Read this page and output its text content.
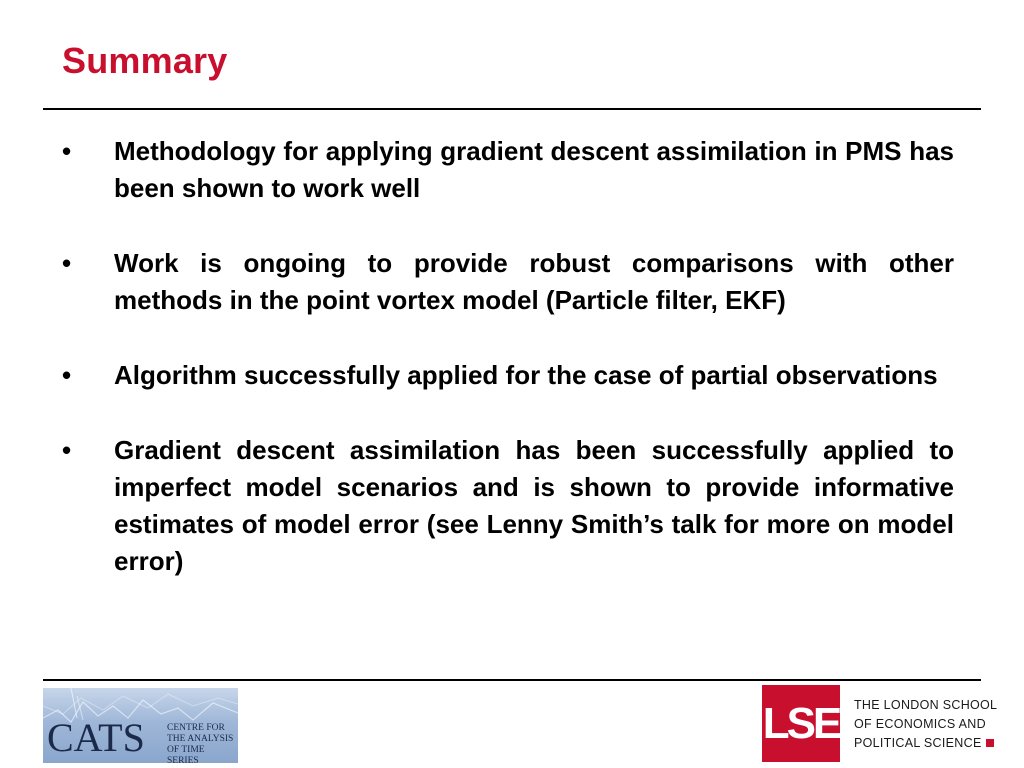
Summary
• Methodology for applying gradient descent assimilation in PMS has been shown to work well
• Work is ongoing to provide robust comparisons with other methods in the point vortex model (Particle filter, EKF)
• Algorithm successfully applied for the case of partial observations
• Gradient descent assimilation has been successfully applied to imperfect model scenarios and is shown to provide informative estimates of model error (see Lenny Smith’s talk for more on model error)
CATS CENTRE FOR
THE ANALYSIS
OF TIME SERIES
LSE THE LONDON SCHOOL
OF ECONOMICS AND
POLITICAL SCIENCE
